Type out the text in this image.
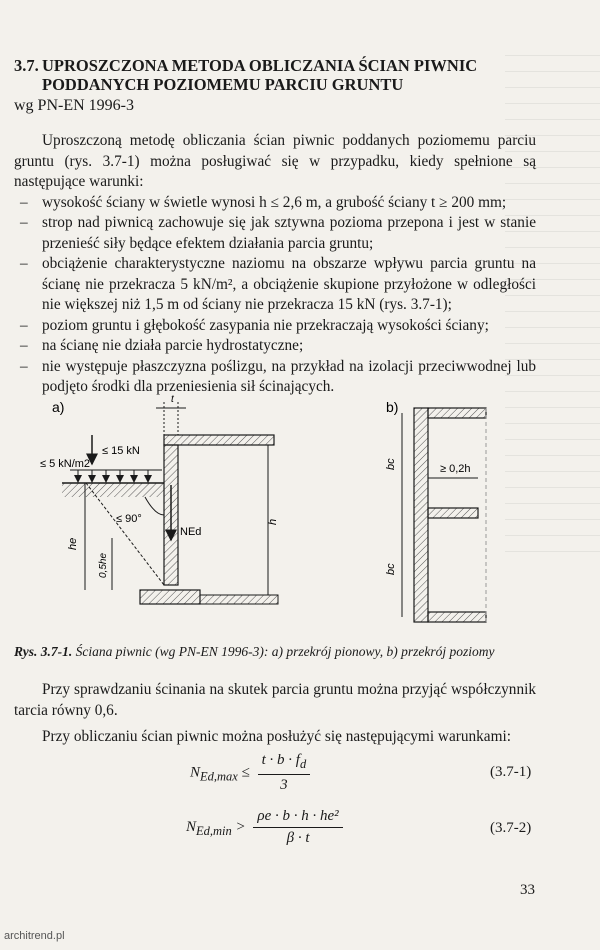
3.7. UPROSZCZONA METODA OBLICZANIA ŚCIAN PIWNIC
PODDANYCH POZIOMEMU PARCIU GRUNTU
wg PN-EN 1996-3

Uproszczoną metodę obliczania ścian piwnic poddanych poziomemu parciu gruntu (rys. 3.7-1) można posługiwać się w przypadku, kiedy spełnione są następujące warunki:

– wysokość ściany w świetle wynosi h ≤ 2,6 m, a grubość ściany t ≥ 200 mm;
– strop nad piwnicą zachowuje się jak sztywna pozioma przepona i jest w stanie przenieść siły będące efektem działania parcia gruntu;
– obciążenie charakterystyczne naziomu na obszarze wpływu parcia gruntu na ścianę nie przekracza 5 kN/m², a obciążenie skupione przyłożone w odległości nie większej niż 1,5 m od ściany nie przekracza 15 kN (rys. 3.7-1);
– poziom gruntu i głębokość zasypania nie przekraczają wysokości ściany;
– na ścianę nie działa parcie hydrostatyczne;
– nie występuje płaszczyzna poślizgu, na przykład na izolacji przeciwwodnej lub podjęto środki dla przeniesienia sił ścinających.
a)
≤ 5 kN/m2
≤ 15 kN
t
NEd
≤ 90°	h
he
0,5he
b)
≥ 0,2h
bc
bc
Rys. 3.7-1. Ściana piwnic (wg PN-EN 1996-3): a) przekrój pionowy, b) przekrój poziomy

Przy sprawdzaniu ścinania na skutek parcia gruntu można przyjąć współczynnik tarcia równy 0,6.

Przy obliczaniu ścian piwnic można posłużyć się następującymi warunkami:

$N_{Ed,max} \le \frac{t \cdot b \cdot f_d}{3}$	(3.7-1)
$N_{Ed,min} > \frac{\text{ρe · b · h · he²}}{\beta \cdot t}$	(3.7-2)
33
architrend.pl
